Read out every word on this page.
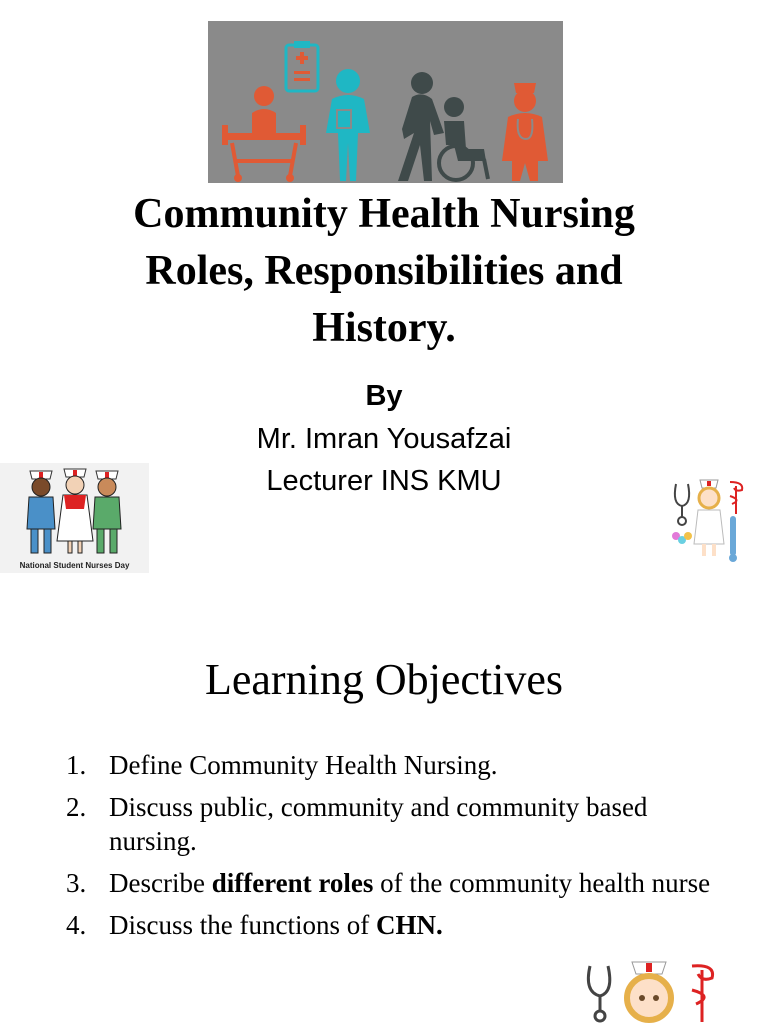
Community Health Nursing
Roles, Responsibilities and
History.
By
Mr. Imran Yousafzai
Lecturer INS KMU
National Student Nurses Day
Learning Objectives
1. Define Community Health Nursing.
2. Discuss public, community and community based nursing.
3. Describe different roles of the community health nurse
4. Discuss the functions of CHN.
